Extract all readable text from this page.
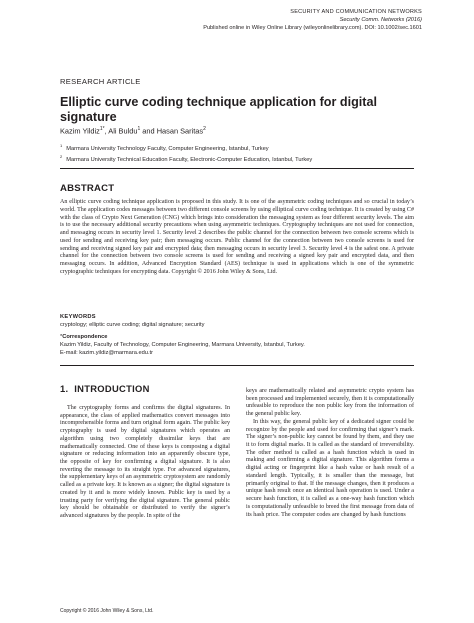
SECURITY AND COMMUNICATION NETWORKS
Security Comm. Networks (2016)
Published online in Wiley Online Library (wileyonlinelibrary.com). DOI: 10.1002/sec.1601
RESEARCH ARTICLE
Elliptic curve coding technique application for digital signature
Kazim Yildiz$^{1*}$, Ali Buldu$^1$ and Hasan Saritas$^2$
$^1$Marmara University Technology Faculty, Computer Engineering, Istanbul, Turkey
$^2$Marmara University Technical Education Faculty, Electronic-Computer Education, Istanbul, Turkey
ABSTRACT
An elliptic curve coding technique application is proposed in this study. It is one of the asymmetric coding techniques and so crucial in today’s world. The application codes messages between two different console screens by using elliptical curve coding technique. It is created by using C# with the class of Crypto Next Generation (CNG) which brings into consideration the messaging system as four different security levels. The aim is to use the necessary additional security precautions when using asymmetric techniques. Cryptography techniques are not used for connection, and messaging occurs in security level 1. Security level 2 describes the public channel for the connection between two console screens which is used for sending and receiving key pair; then messaging occurs. Public channel for the connection between two console screens is used for sending and receiving signed key pair and encrypted data; then messaging occurs in security level 3. Security level 4 is the safest one. A private channel for the connection between two console screens is used for sending and receiving a signed key pair and encrypted data, and then messaging occurs. In addition, Advanced Encryption Standard (AES) technique is used in applications which is one of the symmetric cryptographic techniques for encrypting data. Copyright © 2016 John Wiley & Sons, Ltd.
KEYWORDS
cryptology; elliptic curve coding; digital signature; security
*Correspondence
Kazim Yildiz, Faculty of Technology, Computer Engineering, Marmara University, Istanbul, Turkey.
E-mail: kazim.yildiz@marmara.edu.tr
1.  INTRODUCTION
The cryptography forms and confirms the digital signatures. In appearance, the class of applied mathematics convert messages into incomprehensible forms and turn original form again. The public key cryptography is used by digital signatures which operates an algorithm using two completely dissimilar keys that are mathematically connected. One of these keys is composing a digital signature or reducing information into an apparently obscure type, the opposite of key for confirming a digital signature. It is also reverting the message to its straight type. For advanced signatures, the supplementary keys of an asymmetric cryptosystem are randomly called as a private key. It is known as a signer; the digital signature is created by it and is more widely known. Public key is used by a trusting party for verifying the digital signature. The general public key should be obtainable or distributed to verify the signer’s advanced signatures by the people. In spite of the

keys are mathematically related and asymmetric crypto system has been processed and implemented securely, then it is computationally unfeasible to reproduce the non public key from the information of the general public key.

In this way, the general public key of a dedicated signer could be recognize by the people and used for confirming that signer’s mark. The signer’s non-public key cannot be found by them, and they use it to form digital marks. It is called as the standard of irreversibility. The other method is called as a hash function which is used in making and confirming a digital signature. This algorithm forms a digital acting or fingerprint like a hash value or hash result of a standard length. Typically, it is smaller than the message, but primarily original to that. If the message changes, then it produces a unique hash result once an identical hash operation is used. Under a secure hash function, it is called as a one-way hash function which is computationally unfeasible to breed the first message from data of its hash price. The computer codes are changed by hash functions

Copyright © 2016 John Wiley & Sons, Ltd.
